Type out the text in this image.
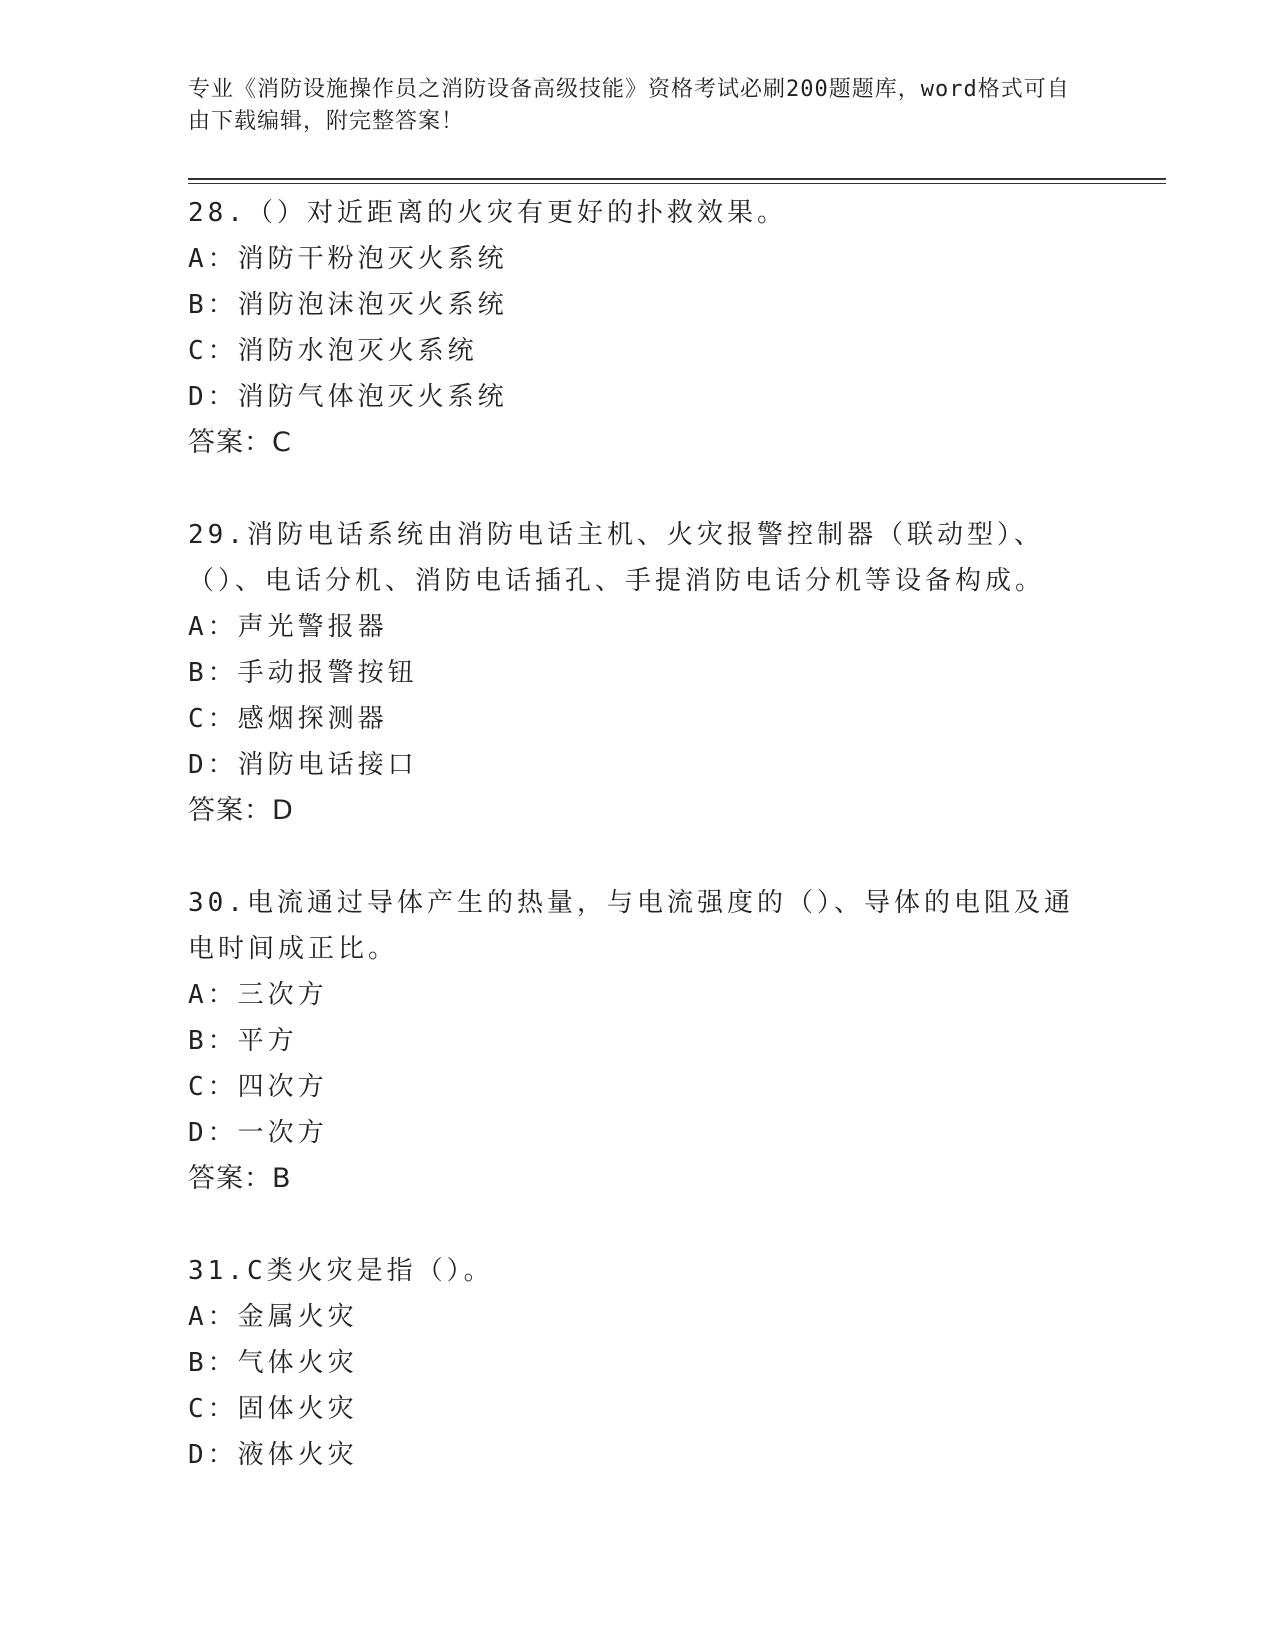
专业《消防设施操作员之消防设备高级技能》资格考试必刷200题题库，word格式可自由下载编辑，附完整答案！
28.（）对近距离的火灾有更好的扑救效果。
A：消防干粉泡灭火系统
B：消防泡沫泡灭火系统
C：消防水泡灭火系统
D：消防气体泡灭火系统
答案：C
29.消防电话系统由消防电话主机、火灾报警控制器（联动型）、（）、电话分机、消防电话插孔、手提消防电话分机等设备构成。
A：声光警报器
B：手动报警按钮
C：感烟探测器
D：消防电话接口
答案：D
30.电流通过导体产生的热量，与电流强度的（）、导体的电阻及通电时间成正比。
A：三次方
B：平方
C：四次方
D：一次方
答案：B
31.C类火灾是指（）。
A：金属火灾
B：气体火灾
C：固体火灾
D：液体火灾
